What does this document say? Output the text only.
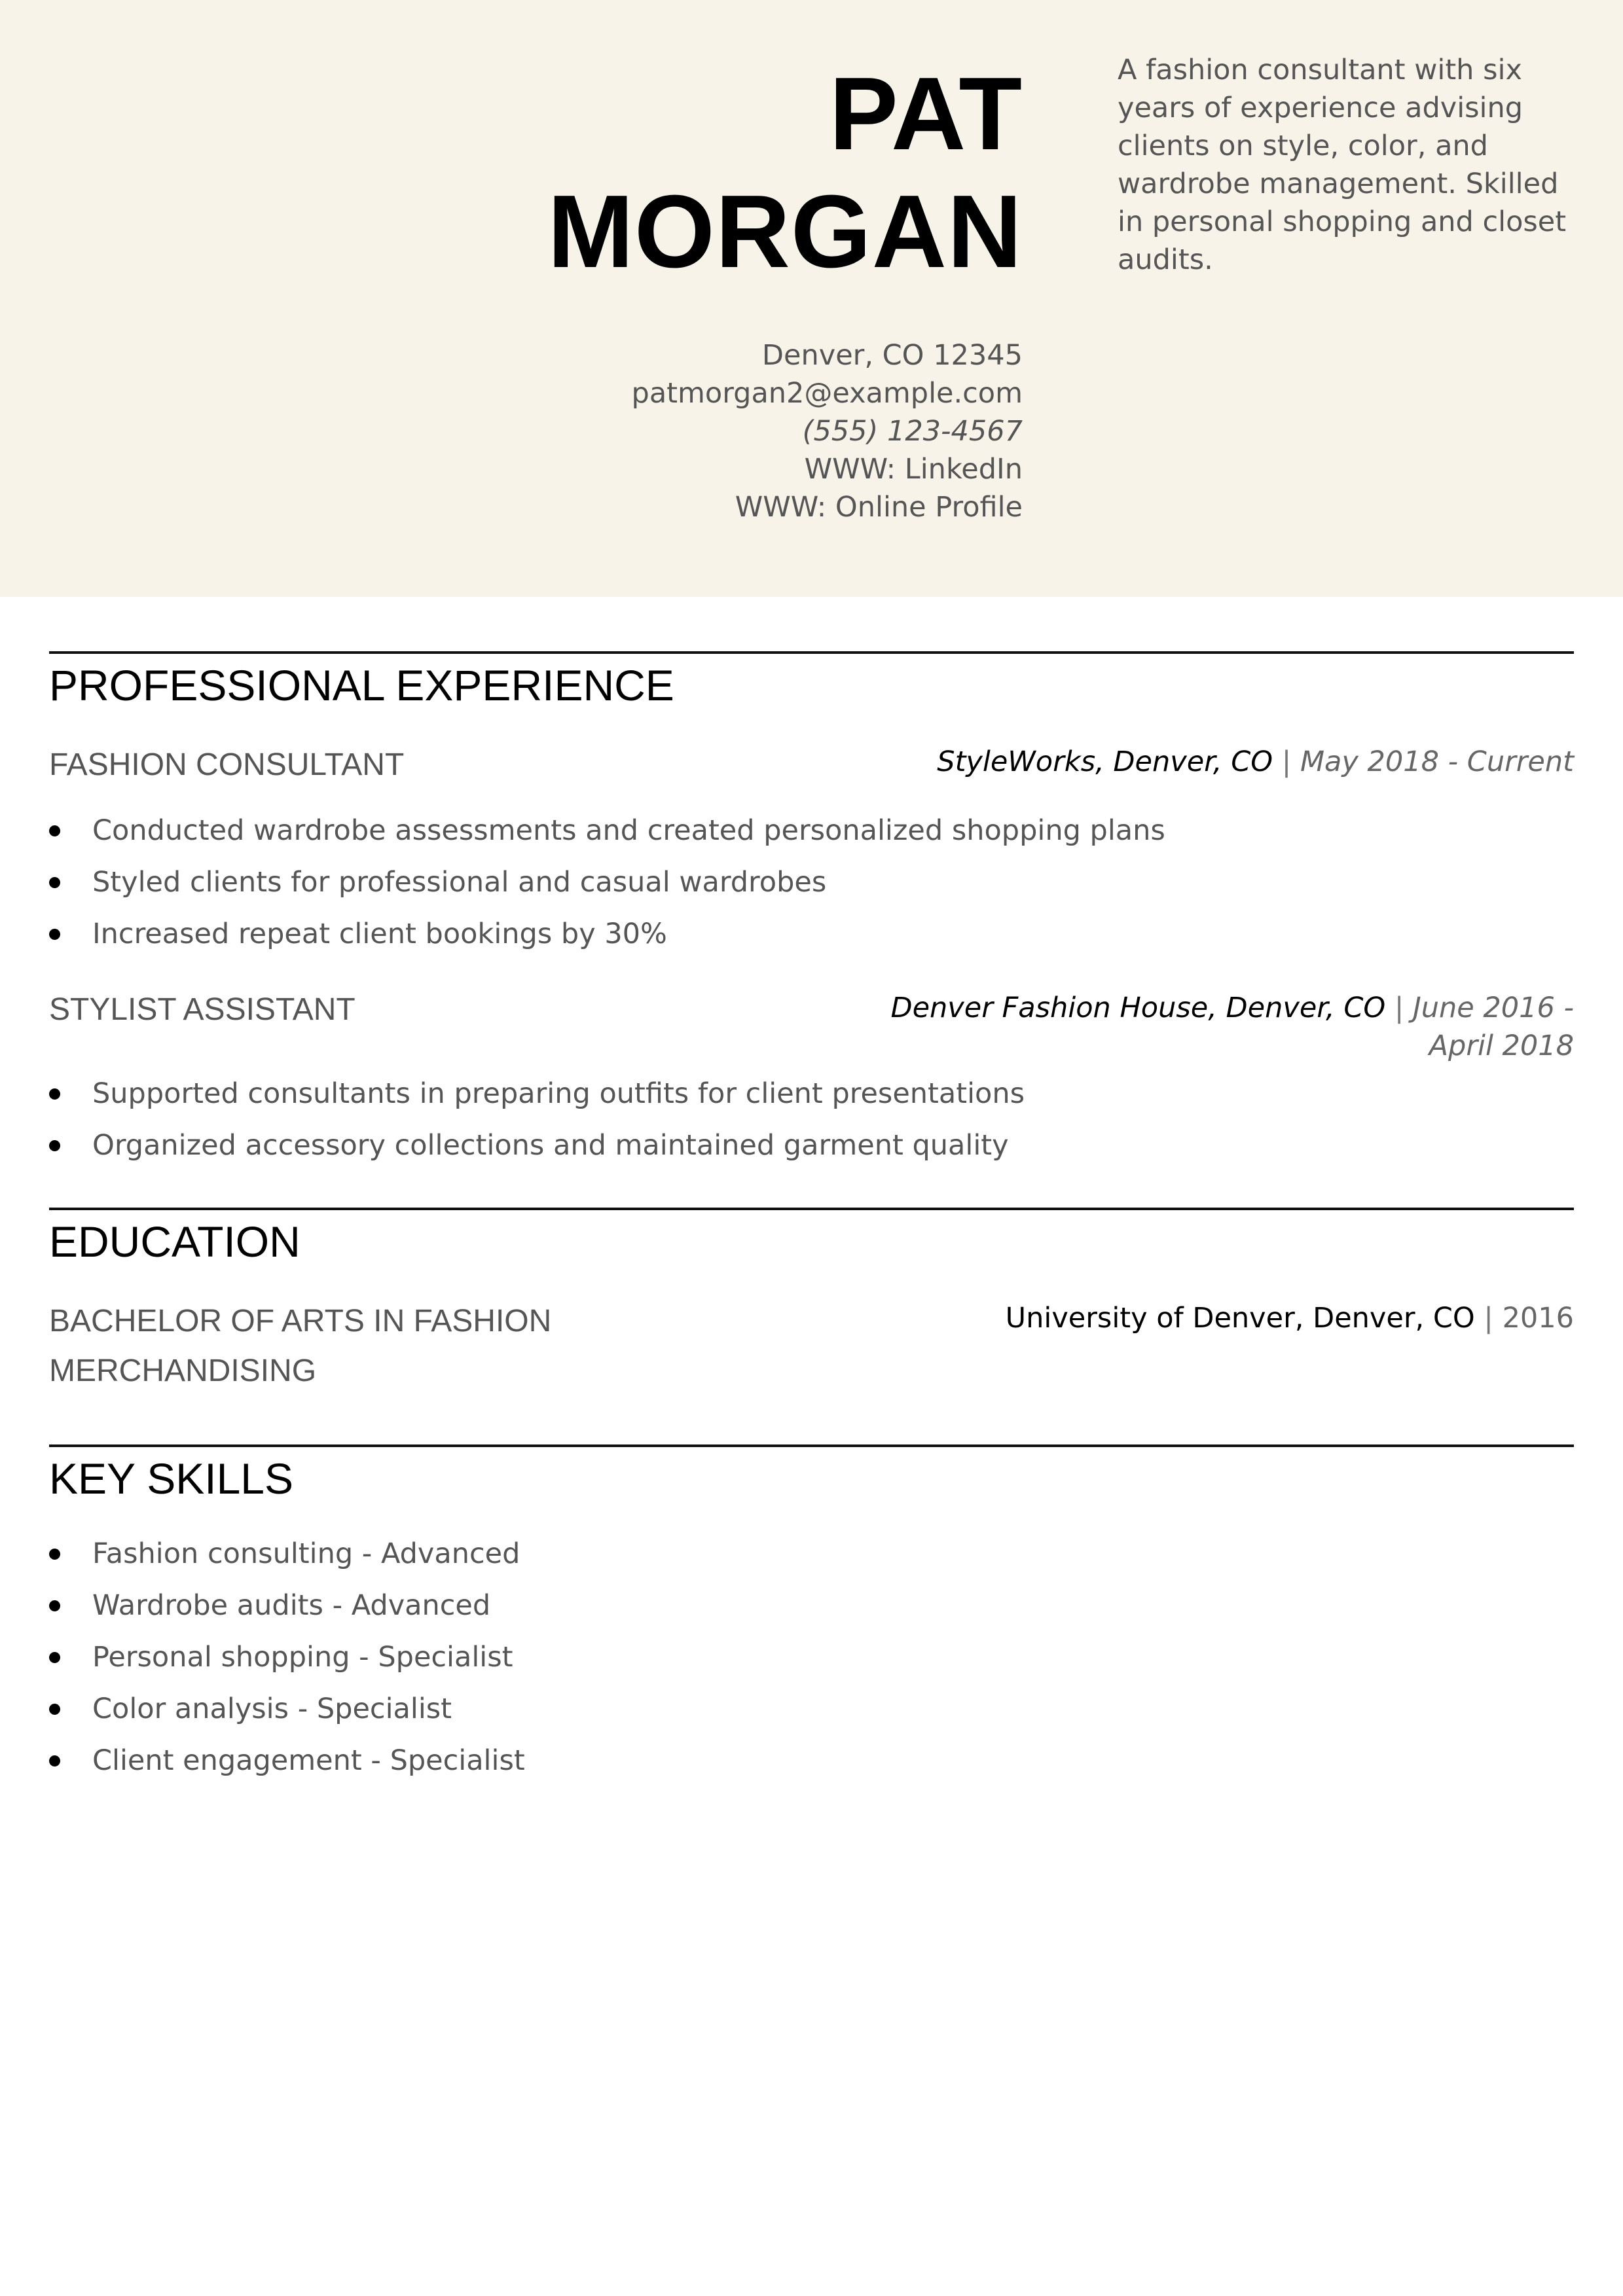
PAT
MORGAN
Denver, CO 12345
patmorgan2@example.com
(555) 123-4567
WWW: LinkedIn
WWW: Online Profile
A fashion consultant with six years of experience advising clients on style, color, and wardrobe management. Skilled in personal shopping and closet audits.
PROFESSIONAL EXPERIENCE
FASHION CONSULTANT	StyleWorks, Denver, CO | May 2018 - Current
Conducted wardrobe assessments and created personalized shopping plans
Styled clients for professional and casual wardrobes
Increased repeat client bookings by 30%
STYLIST ASSISTANT	Denver Fashion House, Denver, CO | June 2016 -
April 2018
Supported consultants in preparing outfits for client presentations
Organized accessory collections and maintained garment quality
EDUCATION
BACHELOR OF ARTS IN FASHION
MERCHANDISING
University of Denver, Denver, CO | 2016
KEY SKILLS
Fashion consulting - Advanced
Wardrobe audits - Advanced
Personal shopping - Specialist
Color analysis - Specialist
Client engagement - Specialist
